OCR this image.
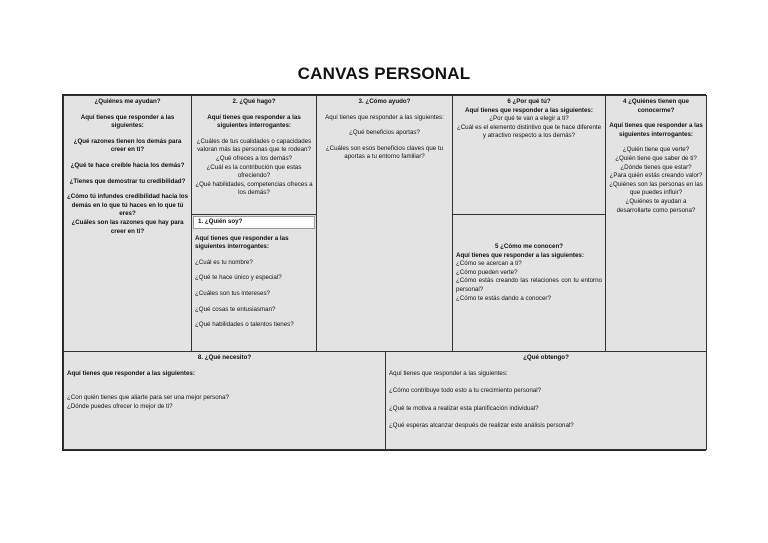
CANVAS PERSONAL
¿Quiénes me ayudan?
Aquí tienes que responder a las siguientes:
¿Qué razones tienen los demás para creer en ti?
¿Qué te hace creíble hacia los demás?
¿Tienes que demostrar tu credibilidad?
¿Cómo tú infundes credibilidad hacia los demás en lo que tú haces en lo que tú eres?
¿Cuáles son las razones que hay para creer en ti?
2. ¿Qué hago?
Aquí tienes que responder a las siguientes interrogantes:
¿Cuáles de tus cualidades o capacidades valoran más las personas que te rodean?
¿Qué ofreces a los demás?
¿Cuál es la contribución que estas ofreciendo?
¿Qué habilidades, competencias ofreces a los demás?
1. ¿Quién soy?
Aquí tienes que responder a las siguientes interrogantes:
¿Cuál es tu nombre?
¿Qué te hace único y especial?
¿Cuáles son tus intereses?
¿Qué cosas te entusiasman?
¿Qué habilidades o talentos tienes?
3. ¿Cómo ayudo?
Aquí tienes que responder a las siguientes:
¿Qué beneficios aportas?
¿Cuáles son esos beneficios claves que tu aportas a tu entorno familiar?
6 ¿Por qué tú?
Aquí tienes que responder a las siguientes:
¿Por qué te van a elegir a ti?
¿Cuál es el elemento distintivo que te hace diferente y atractivo respecto a los demás?
5 ¿Cómo me conocen?
Aquí tienes que responder a las siguientes:
¿Cómo se acercan a ti?
¿Cómo pueden verte?
¿Cómo estás creando las relaciones con tu entorno personal?
¿Cómo te estás dando a conocer?
4 ¿Quiénes tienen que conocerme?
Aquí tienes que responder a las siguientes interrogantes:
¿Quién tiene que verte?
¿Quién tiene que saber de ti?
¿Dónde tienes que estar?
¿Para quién estás creando valor?
¿Quiénes son las personas en las que puedes influir?
¿Quiénes te ayudan a desarrollarte como persona?
8. ¿Qué necesito?
Aquí tienes que responder a las siguientes:
¿Con quién tienes que aliarte para ser una mejor persona?
¿Dónde puedes ofrecer lo mejor de ti?
¿Qué obtengo?
Aquí tienes que responder a las siguientes:
¿Cómo contribuye todo esto a tu crecimiento personal?
¿Qué te motiva a realizar esta planificación individual?
¿Qué esperas alcanzar después de realizar este análisis personal?
